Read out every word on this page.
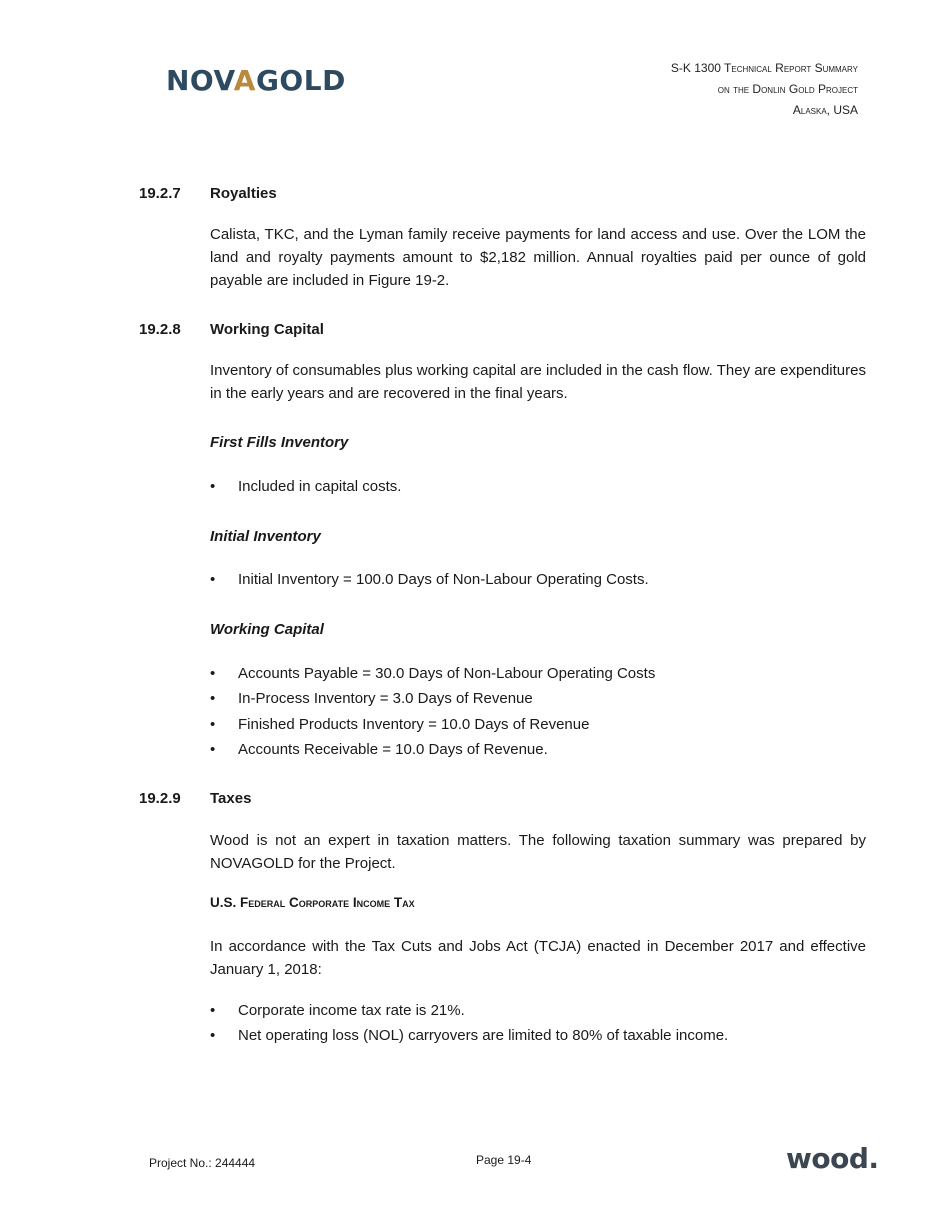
NOVAGOLD	S-K 1300 Technical Report Summary
on the Donlin Gold Project
Alaska, USA
19.2.7 Royalties
Calista, TKC, and the Lyman family receive payments for land access and use. Over the LOM the land and royalty payments amount to $2,182 million. Annual royalties paid per ounce of gold payable are included in Figure 19-2.
19.2.8 Working Capital
Inventory of consumables plus working capital are included in the cash flow. They are expenditures in the early years and are recovered in the final years.
First Fills Inventory
• Included in capital costs.
Initial Inventory
• Initial Inventory = 100.0 Days of Non-Labour Operating Costs.
Working Capital
• Accounts Payable = 30.0 Days of Non-Labour Operating Costs
• In-Process Inventory = 3.0 Days of Revenue
• Finished Products Inventory = 10.0 Days of Revenue
• Accounts Receivable = 10.0 Days of Revenue.
19.2.9 Taxes
Wood is not an expert in taxation matters. The following taxation summary was prepared by NOVAGOLD for the Project.
U.S. Federal Corporate Income Tax
In accordance with the Tax Cuts and Jobs Act (TCJA) enacted in December 2017 and effective January 1, 2018:
• Corporate income tax rate is 21%.
• Net operating loss (NOL) carryovers are limited to 80% of taxable income.
Project No.: 244444	Page 19-4	wood.
